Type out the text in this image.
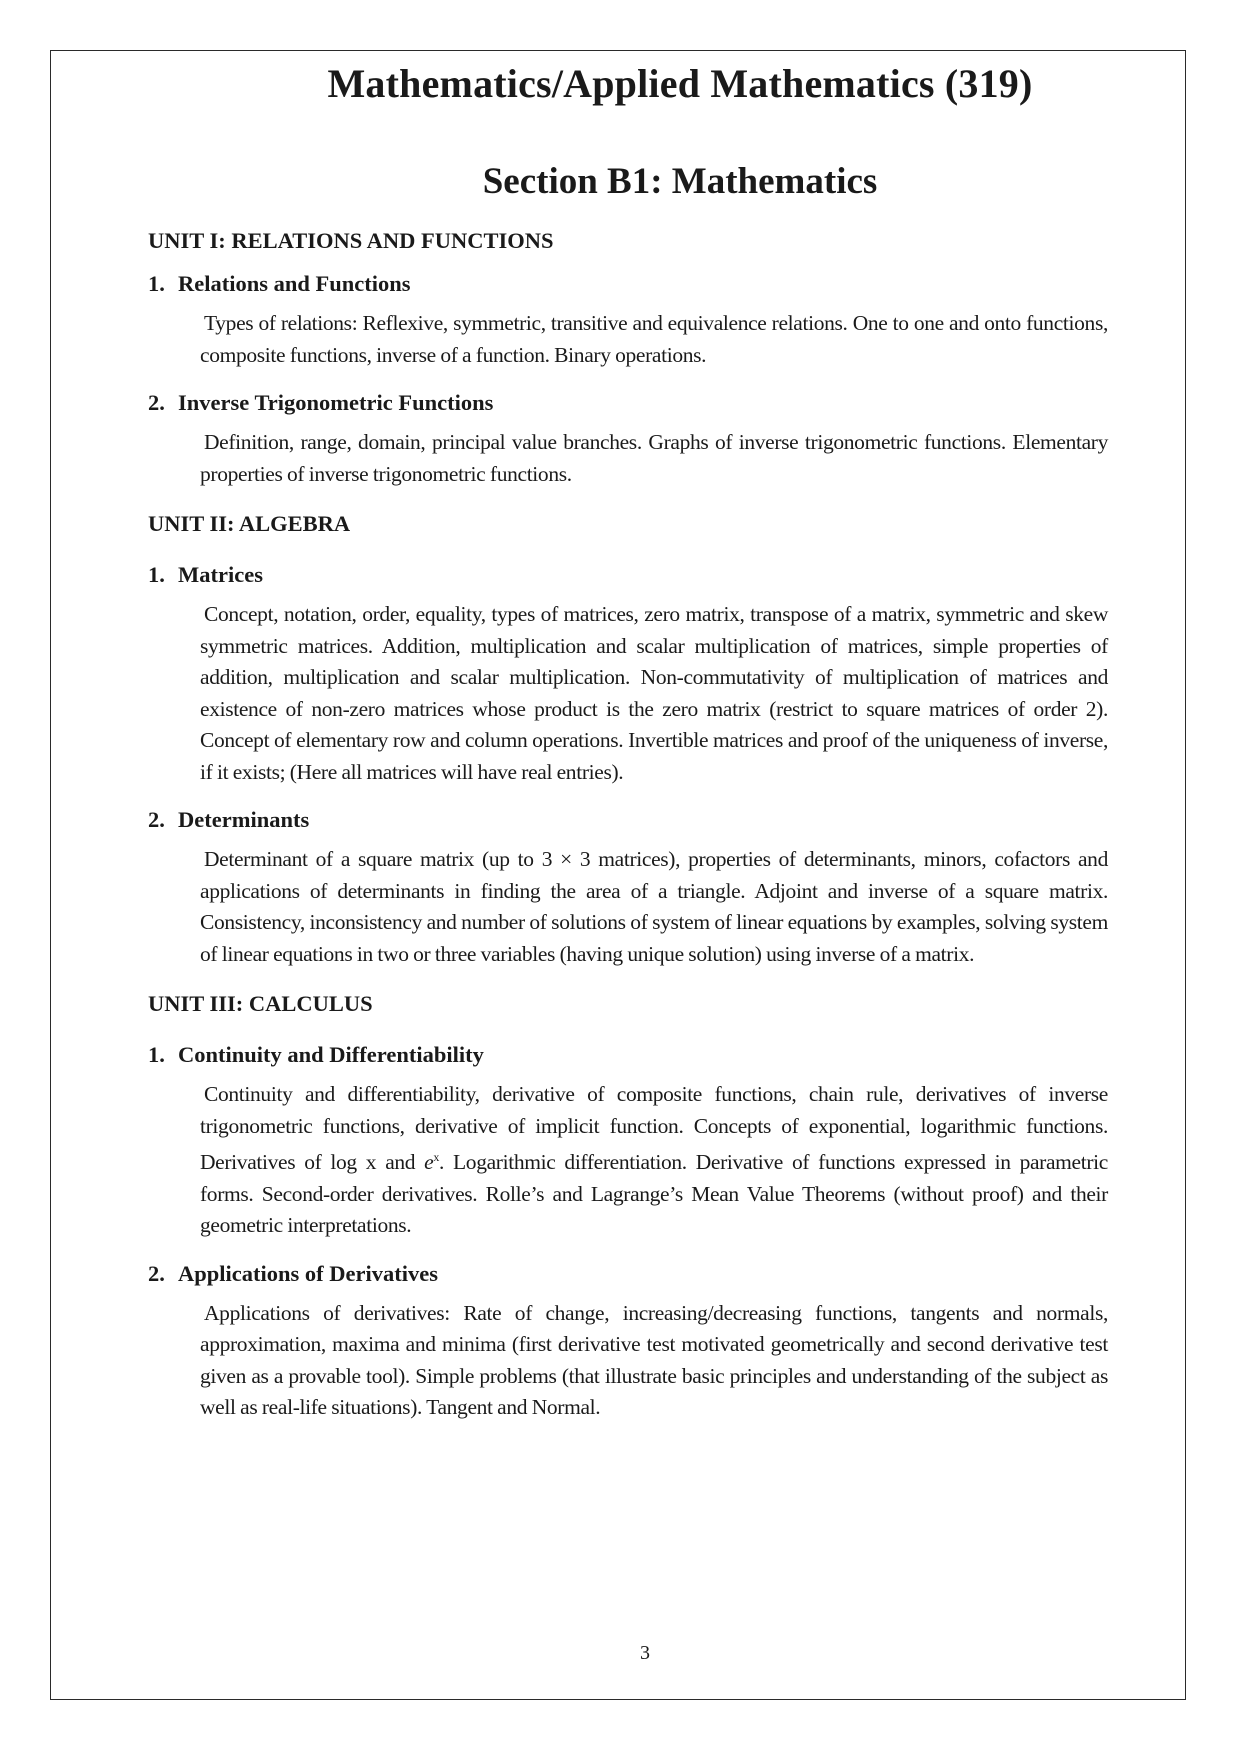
Mathematics/Applied Mathematics (319)
Section B1: Mathematics
UNIT I: RELATIONS AND FUNCTIONS
1. Relations and Functions

Types of relations: Reflexive, symmetric, transitive and equivalence relations. One to one and onto functions, composite functions, inverse of a function. Binary operations.

2. Inverse Trigonometric Functions

Definition, range, domain, principal value branches. Graphs of inverse trigonometric functions. Elementary properties of inverse trigonometric functions.

UNIT II: ALGEBRA
1. Matrices

Concept, notation, order, equality, types of matrices, zero matrix, transpose of a matrix, symmetric and skew symmetric matrices. Addition, multiplication and scalar multiplication of matrices, simple properties of addition, multiplication and scalar multiplication. Non-commutativity of multiplication of matrices and existence of non-zero matrices whose product is the zero matrix (restrict to square matrices of order 2). Concept of elementary row and column operations. Invertible matrices and proof of the uniqueness of inverse, if it exists; (Here all matrices will have real entries).

2. Determinants

Determinant of a square matrix (up to 3 × 3 matrices), properties of determinants, minors, cofactors and applications of determinants in finding the area of a triangle. Adjoint and inverse of a square matrix. Consistency, inconsistency and number of solutions of system of linear equations by examples, solving system of linear equations in two or three variables (having unique solution) using inverse of a matrix.

UNIT III: CALCULUS
1. Continuity and Differentiability

Continuity and differentiability, derivative of composite functions, chain rule, derivatives of inverse trigonometric functions, derivative of implicit function. Concepts of exponential, logarithmic functions. Derivatives of log x and $e^x$. Logarithmic differentiation. Derivative of functions expressed in parametric forms. Second-order derivatives. Rolle’s and Lagrange’s Mean Value Theorems (without proof) and their geometric interpretations.

2. Applications of Derivatives

Applications of derivatives: Rate of change, increasing/decreasing functions, tangents and normals, approximation, maxima and minima (first derivative test motivated geometrically and second derivative test given as a provable tool). Simple problems (that illustrate basic principles and understanding of the subject as well as real-life situations). Tangent and Normal.

3
